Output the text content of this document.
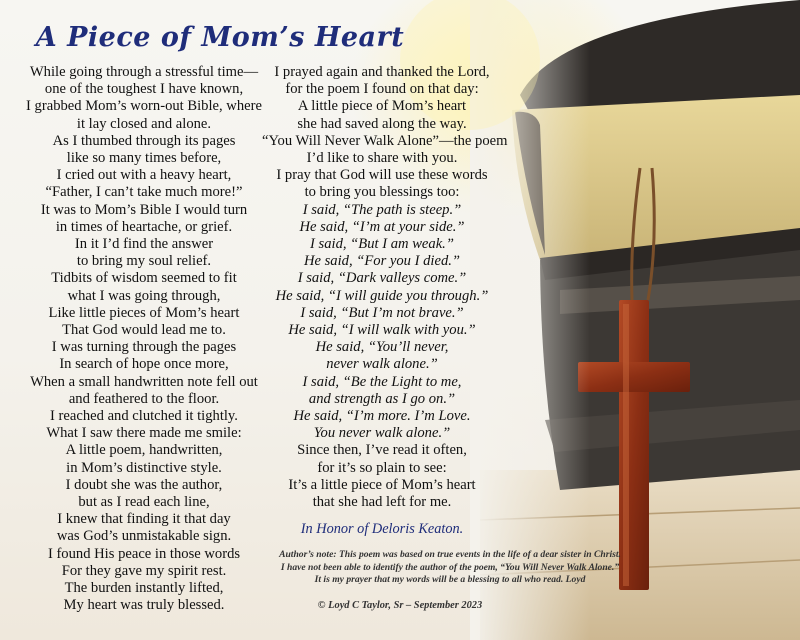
A Piece of Mom’s Heart
While going through a stressful time—
one of the toughest I have known,
I grabbed Mom’s worn-out Bible, where
it lay closed and alone.
As I thumbed through its pages
like so many times before,
I cried out with a heavy heart,
“Father, I can’t take much more!”
It was to Mom’s Bible I would turn
in times of heartache, or grief.
In it I’d find the answer
to bring my soul relief.
Tidbits of wisdom seemed to fit
what I was going through,
Like little pieces of Mom’s heart
That God would lead me to.
I was turning through the pages
In search of hope once more,
When a small handwritten note fell out
and feathered to the floor.
I reached and clutched it tightly.
What I saw there made me smile:
A little poem, handwritten,
in Mom’s distinctive style.
I doubt she was the author,
but as I read each line,
I knew that finding it that day
was God’s unmistakable sign.
I found His peace in those words
For they gave my spirit rest.
The burden instantly lifted,
My heart was truly blessed.
I prayed again and thanked the Lord,
for the poem I found on that day:
A little piece of Mom’s heart
she had saved along the way.
“You Will Never Walk Alone”—the poem
I’d like to share with you.
I pray that God will use these words
to bring you blessings too:
I said, “The path is steep.”
He said, “I’m at your side.”
I said, “But I am weak.”
He said, “For you I died.”
I said, “Dark valleys come.”
He said, “I will guide you through.”
I said, “But I’m not brave.”
He said, “I will walk with you.”
He said, “You’ll never,
never walk alone.”
I said, “Be the Light to me,
and strength as I go on.”
He said, “I’m more. I’m Love.
You never walk alone.”
Since then, I’ve read it often,
for it’s so plain to see:
It’s a little piece of Mom’s heart
that she had left for me.
In Honor of Deloris Keaton.
Author’s note: This poem was based on true events in the life of a dear sister in Christ.
I have not been able to identify the author of the poem, “You Will Never Walk Alone.”
It is my prayer that my words will be a blessing to all who read. Loyd
© Loyd C Taylor, Sr – September 2023
